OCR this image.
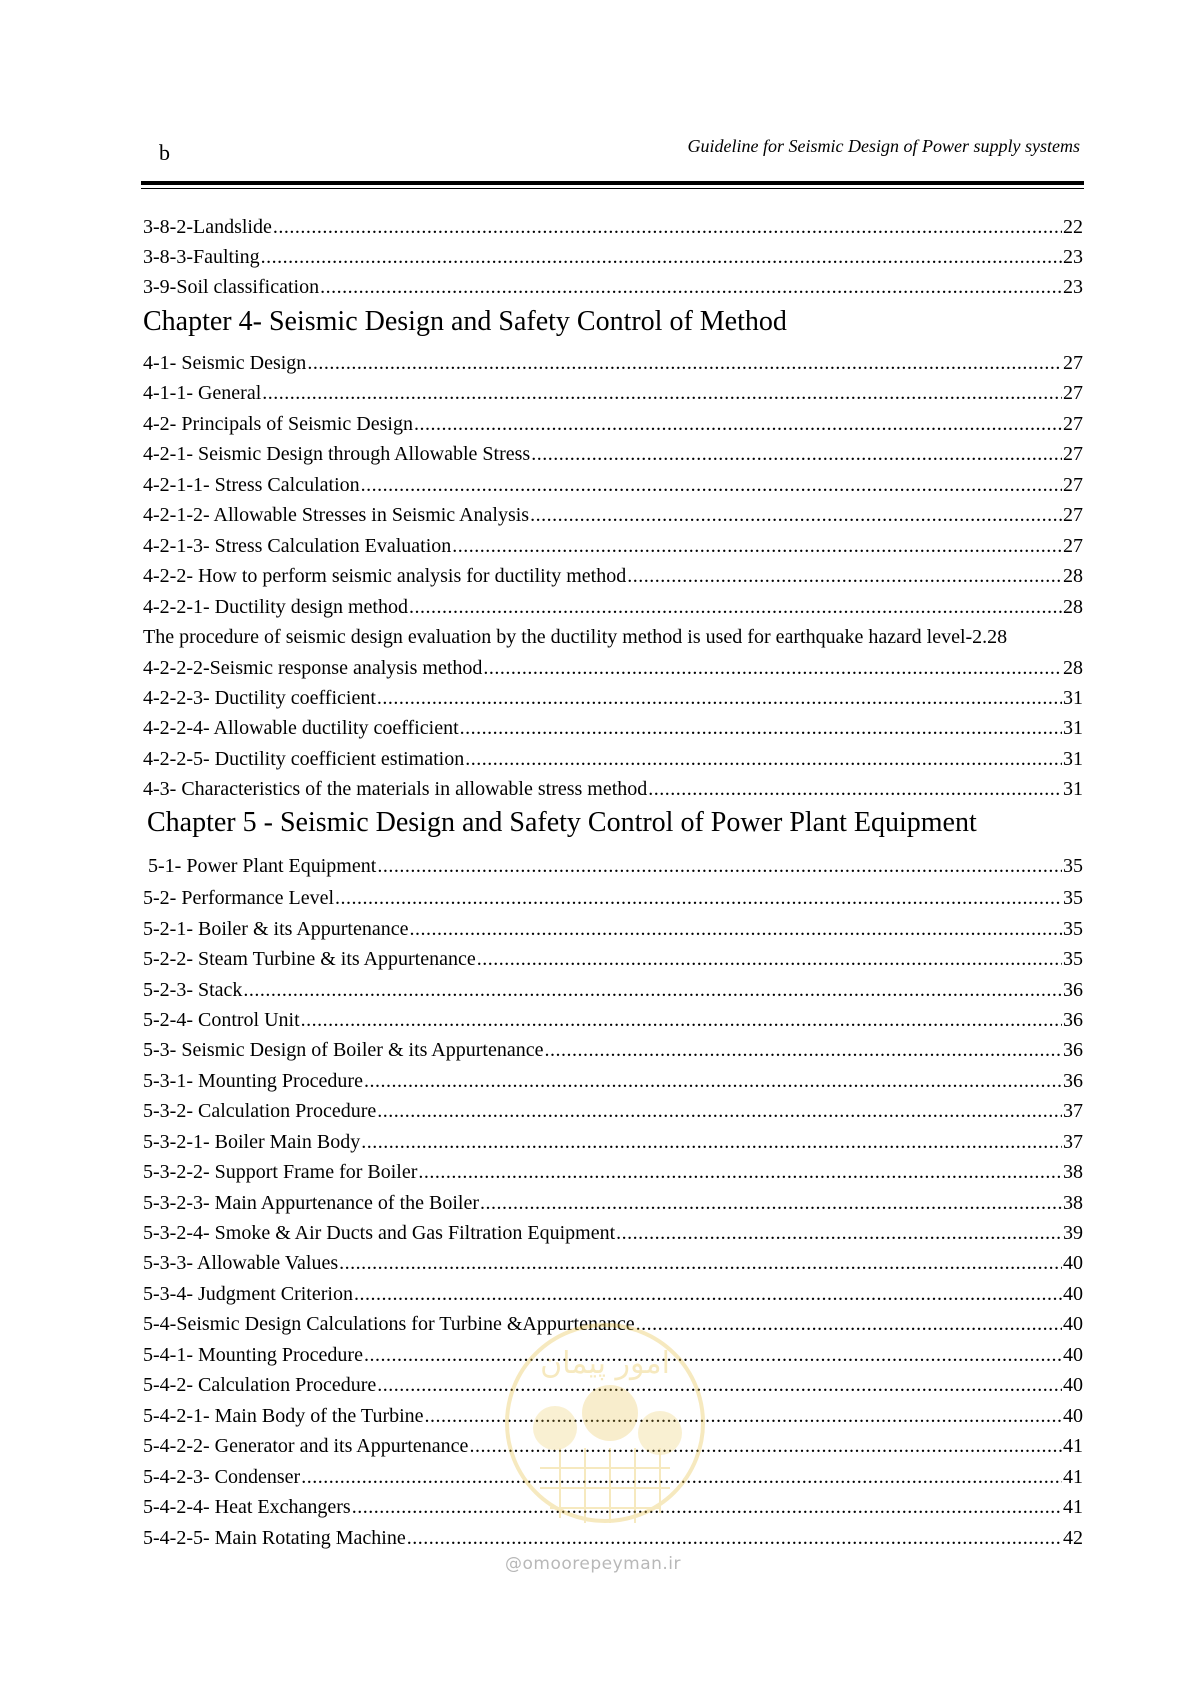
b	Guideline for Seismic Design of Power supply systems
3-8-2-Landslide .....	22
3-8-3-Faulting .....	23
3-9-Soil classification .....	23
Chapter 4- Seismic Design and Safety Control of Method
4-1- Seismic Design .....	27
4-1-1- General .....	27
4-2- Principals of Seismic Design .....	27
4-2-1- Seismic Design through Allowable Stress .....	27
4-2-1-1- Stress Calculation .....	27
4-2-1-2- Allowable Stresses in Seismic Analysis .....	27
4-2-1-3- Stress Calculation Evaluation .....	27
4-2-2- How to perform seismic analysis for ductility method .....	28
4-2-2-1- Ductility design method .....	28
The procedure of seismic design evaluation by the ductility method is used for earthquake hazard level-2.28
4-2-2-2-Seismic response analysis method .....	28
4-2-2-3- Ductility coefficient .....	31
4-2-2-4- Allowable ductility coefficient .....	31
4-2-2-5- Ductility coefficient estimation .....	31
4-3- Characteristics of the materials in allowable stress method .....	31
Chapter 5 - Seismic Design and Safety Control of Power Plant Equipment
5-1- Power Plant Equipment .....	35
5-2- Performance Level .....	35
5-2-1- Boiler & its Appurtenance .....	35
5-2-2- Steam Turbine & its Appurtenance .....	35
5-2-3- Stack .....	36
5-2-4- Control Unit .....	36
5-3- Seismic Design of Boiler & its Appurtenance .....	36
5-3-1- Mounting Procedure .....	36
5-3-2- Calculation Procedure .....	37
5-3-2-1- Boiler Main Body .....	37
5-3-2-2- Support Frame for Boiler .....	38
5-3-2-3- Main Appurtenance of the Boiler .....	38
5-3-2-4- Smoke & Air Ducts and Gas Filtration Equipment .....	39
5-3-3- Allowable Values .....	40
5-3-4- Judgment Criterion .....	40
5-4-Seismic Design Calculations for Turbine &Appurtenance .....	40
5-4-1- Mounting Procedure .....	40
5-4-2- Calculation Procedure .....	40
5-4-2-1- Main Body of the Turbine .....	40
5-4-2-2- Generator and its Appurtenance .....	41
5-4-2-3- Condenser .....	41
5-4-2-4- Heat Exchangers .....	41
5-4-2-5- Main Rotating Machine .....	42
امور پیمان
@omoorepeyman.ir
